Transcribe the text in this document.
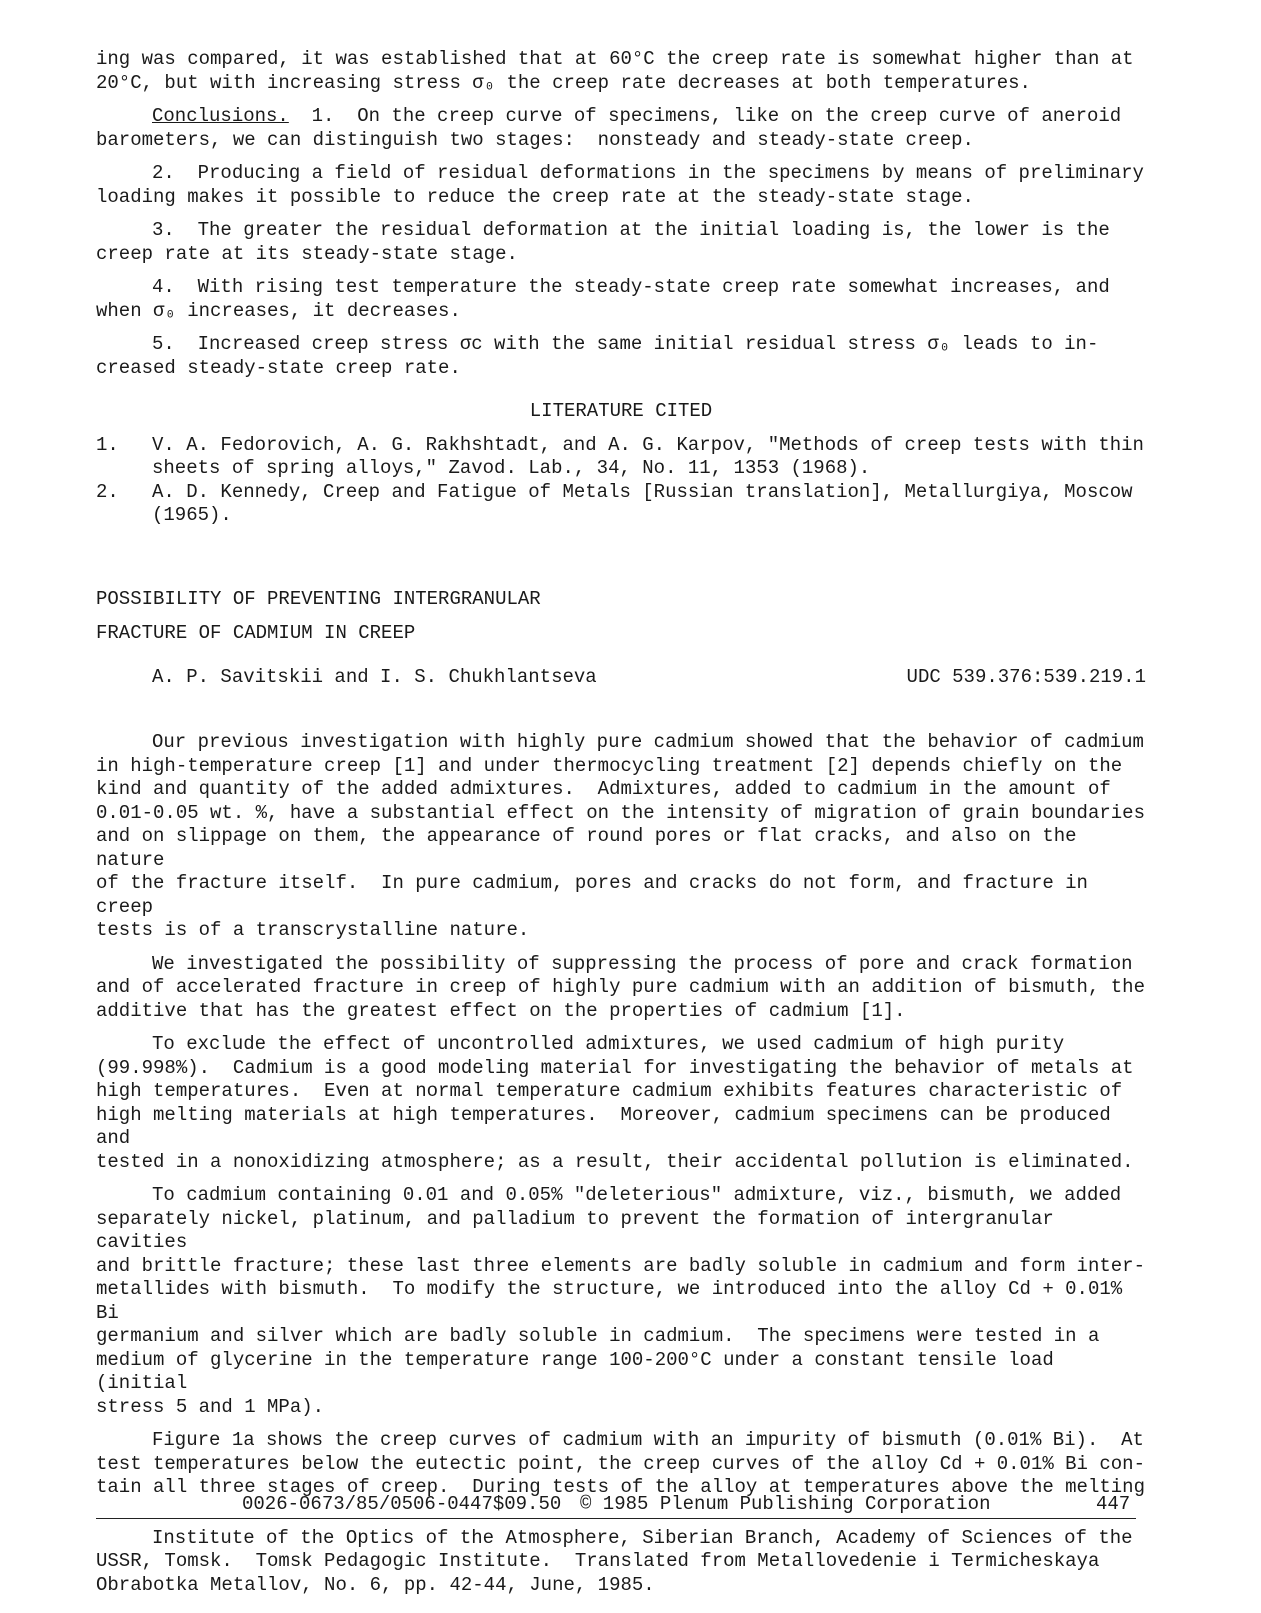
ing was compared, it was established that at 60°C the creep rate is somewhat higher than at
20°C, but with increasing stress σ₀ the creep rate decreases at both temperatures.

Conclusions. 1.  On the creep curve of specimens, like on the creep curve of aneroid
barometers, we can distinguish two stages:  nonsteady and steady-state creep.

2.  Producing a field of residual deformations in the specimens by means of preliminary
loading makes it possible to reduce the creep rate at the steady-state stage.

3.  The greater the residual deformation at the initial loading is, the lower is the
creep rate at its steady-state stage.

4.  With rising test temperature the steady-state creep rate somewhat increases, and
when σ₀ increases, it decreases.

5.  Increased creep stress σc with the same initial residual stress σ₀ leads to in-
creased steady-state creep rate.

LITERATURE CITED

1.	V. A. Fedorovich, A. G. Rakhshtadt, and A. G. Karpov, "Methods of creep tests with thin
sheets of spring alloys," Zavod. Lab., 34, No. 11, 1353 (1968).

2.	A. D. Kennedy, Creep and Fatigue of Metals [Russian translation], Metallurgiya, Moscow
(1965).

POSSIBILITY OF PREVENTING INTERGRANULAR

FRACTURE OF CADMIUM IN CREEP

A. P. Savitskii and I. S. Chukhlantseva	UDC 539.376:539.219.1

Our previous investigation with highly pure cadmium showed that the behavior of cadmium
in high-temperature creep [1] and under thermocycling treatment [2] depends chiefly on the
kind and quantity of the added admixtures.  Admixtures, added to cadmium in the amount of
0.01-0.05 wt. %, have a substantial effect on the intensity of migration of grain boundaries
and on slippage on them, the appearance of round pores or flat cracks, and also on the nature
of the fracture itself.  In pure cadmium, pores and cracks do not form, and fracture in creep
tests is of a transcrystalline nature.

We investigated the possibility of suppressing the process of pore and crack formation
and of accelerated fracture in creep of highly pure cadmium with an addition of bismuth, the
additive that has the greatest effect on the properties of cadmium [1].

To exclude the effect of uncontrolled admixtures, we used cadmium of high purity
(99.998%).  Cadmium is a good modeling material for investigating the behavior of metals at
high temperatures.  Even at normal temperature cadmium exhibits features characteristic of
high melting materials at high temperatures.  Moreover, cadmium specimens can be produced and
tested in a nonoxidizing atmosphere; as a result, their accidental pollution is eliminated.

To cadmium containing 0.01 and 0.05% "deleterious" admixture, viz., bismuth, we added
separately nickel, platinum, and palladium to prevent the formation of intergranular cavities
and brittle fracture; these last three elements are badly soluble in cadmium and form inter-
metallides with bismuth.  To modify the structure, we introduced into the alloy Cd + 0.01% Bi
germanium and silver which are badly soluble in cadmium.  The specimens were tested in a
medium of glycerine in the temperature range 100-200°C under a constant tensile load (initial
stress 5 and 1 MPa).

Figure 1a shows the creep curves of cadmium with an impurity of bismuth (0.01% Bi).  At
test temperatures below the eutectic point, the creep curves of the alloy Cd + 0.01% Bi con-
tain all three stages of creep.  During tests of the alloy at temperatures above the melting

Institute of the Optics of the Atmosphere, Siberian Branch, Academy of Sciences of the
USSR, Tomsk.  Tomsk Pedagogic Institute.  Translated from Metallovedenie i Termicheskaya
Obrabotka Metallov, No. 6, pp. 42-44, June, 1985.

0026-0673/85/0506-0447$09.50 © 1985 Plenum Publishing Corporation	447
